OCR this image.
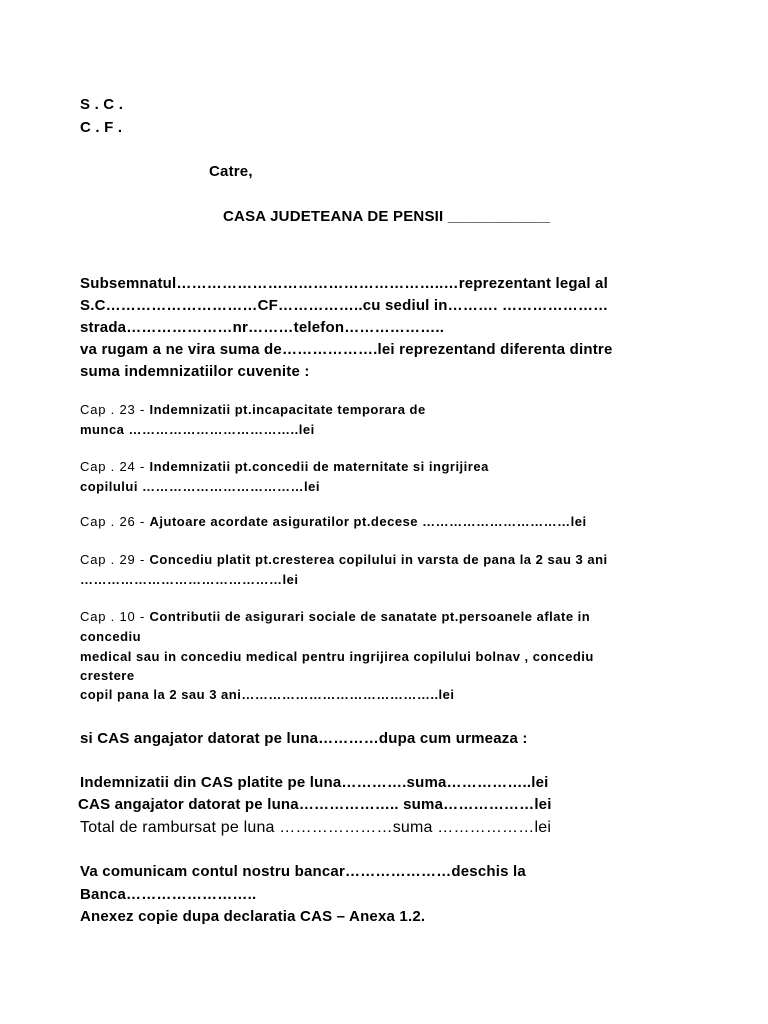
S . C .
C . F .
Catre,
CASA JUDETEANA DE PENSII ____________
Subsemnatul……………………………………………..…reprezentant legal al
S.C…………………………CF……………..cu sediul in………. …………………
strada…………………nr………telefon………………..
va rugam a ne vira suma de……………….lei reprezentand diferenta dintre
suma indemnizatiilor cuvenite :
Cap . 23 - Indemnizatii pt.incapacitate temporara de
munca ………………………………..lei
Cap . 24 - Indemnizatii pt.concedii de maternitate si ingrijirea
copilului ………………………………lei
Cap . 26 - Ajutoare acordate asiguratilor pt.decese ……………………………lei
Cap . 29 - Concediu platit pt.cresterea copilului in varsta de pana la 2 sau 3 ani
………………………………………lei
Cap . 10 - Contributii de asigurari sociale de sanatate pt.persoanele aflate in
concediu
medical sau in concediu medical pentru ingrijirea copilului bolnav , concediu
crestere
copil pana la 2 sau 3 ani……………………………………..lei
si CAS angajator datorat pe luna…………dupa cum urmeaza :
Indemnizatii din CAS platite pe luna………….suma……………..lei
CAS angajator datorat pe luna……………….. suma………………lei
Total de rambursat pe luna …………………suma ………………lei
Va comunicam contul nostru bancar…………………deschis la
Banca……………………..
Anexez copie dupa declaratia CAS – Anexa 1.2.
